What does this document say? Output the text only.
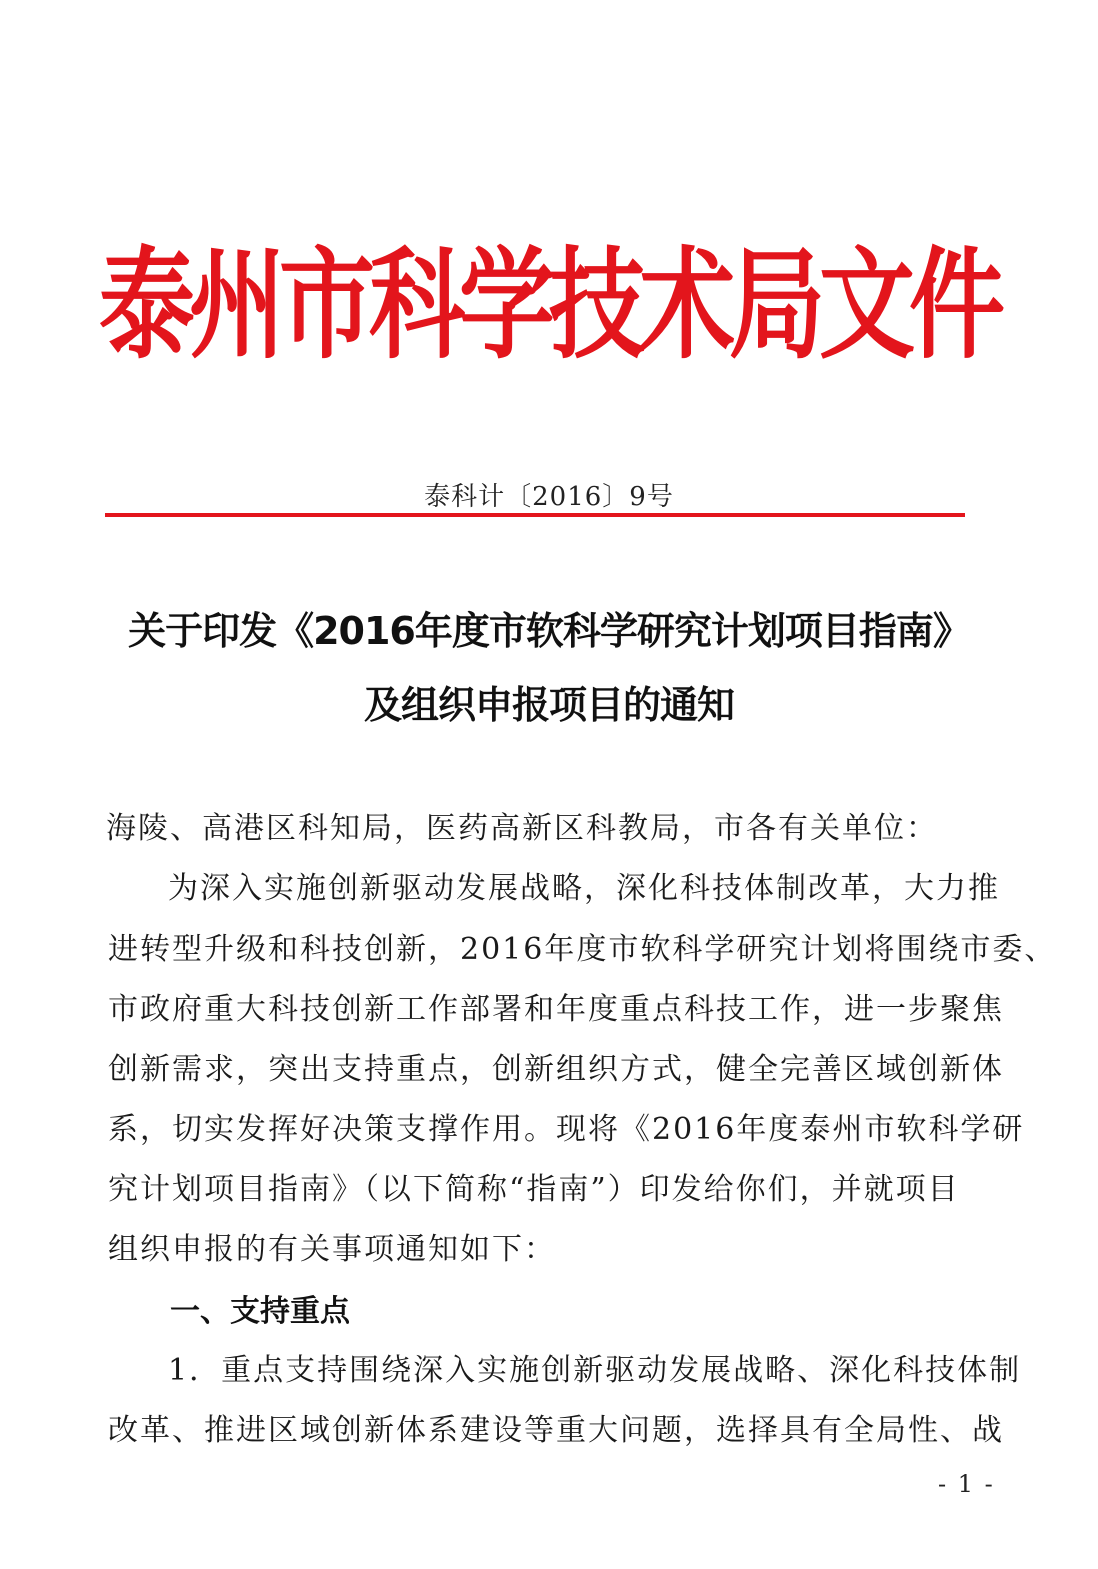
泰州市科学技术局文件
泰科计〔2016〕9号
关于印发《2016年度市软科学研究计划项目指南》
及组织申报项目的通知
海陵、高港区科知局，医药高新区科教局，市各有关单位：
为深入实施创新驱动发展战略，深化科技体制改革，大力推
进转型升级和科技创新，2016年度市软科学研究计划将围绕市委、
市政府重大科技创新工作部署和年度重点科技工作，进一步聚焦
创新需求，突出支持重点，创新组织方式，健全完善区域创新体
系，切实发挥好决策支撑作用。现将《2016年度泰州市软科学研
究计划项目指南》（以下简称“指南”）印发给你们，并就项目
组织申报的有关事项通知如下：
一、支持重点
1．重点支持围绕深入实施创新驱动发展战略、深化科技体制
改革、推进区域创新体系建设等重大问题，选择具有全局性、战
- 1 -
